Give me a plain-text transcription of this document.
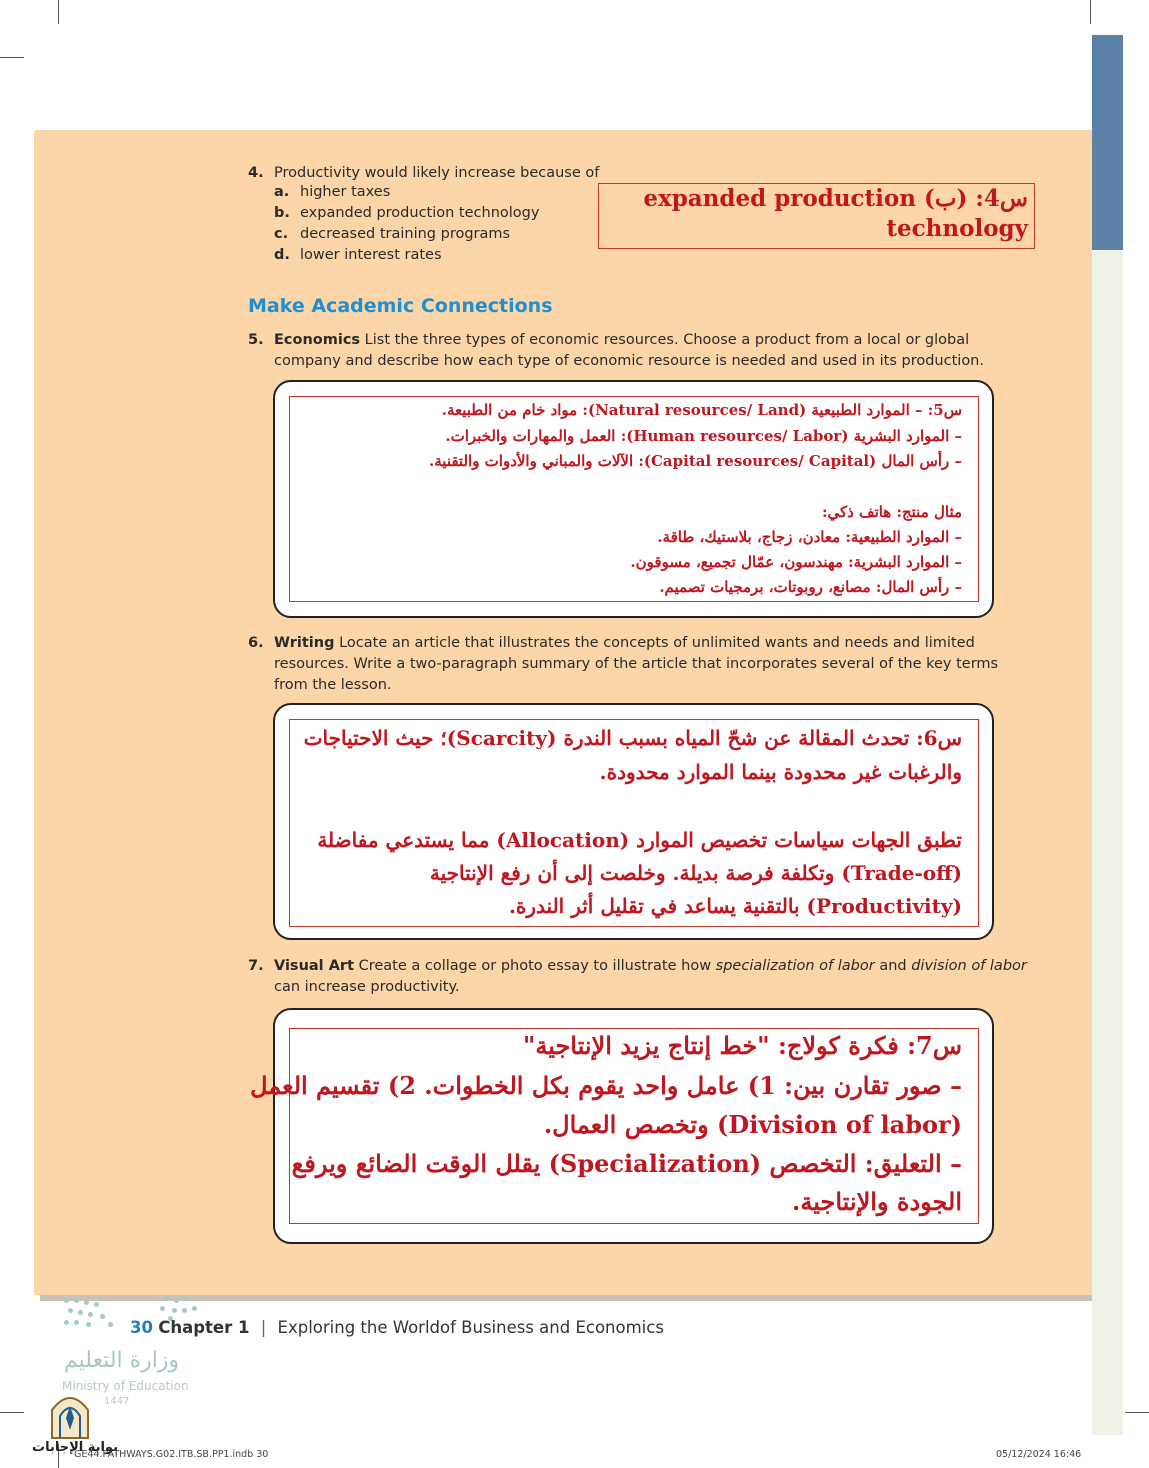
4. Productivity would likely increase because of
a. higher taxes
b. expanded production technology
c. decreased training programs
d. lower interest rates
س4: (ب) expanded production
technology
Make Academic Connections
5. Economics List the three types of economic resources. Choose a product from a local or global
company and describe how each type of economic resource is needed and used in its production.
س5: – الموارد الطبيعية (Natural resources/ Land): مواد خام من الطبيعة.
– الموارد البشرية (Human resources/ Labor): العمل والمهارات والخبرات.
– رأس المال (Capital resources/ Capital): الآلات والمباني والأدوات والتقنية.
مثال منتج: هاتف ذكي:
– الموارد الطبيعية: معادن، زجاج، بلاستيك، طاقة.
– الموارد البشرية: مهندسون، عمّال تجميع، مسوقون.
– رأس المال: مصانع، روبوتات، برمجيات تصميم.
6. Writing Locate an article that illustrates the concepts of unlimited wants and needs and limited
resources. Write a two-paragraph summary of the article that incorporates several of the key terms
from the lesson.
س6: تحدث المقالة عن شحّ المياه بسبب الندرة (Scarcity)؛ حيث الاحتياجات
والرغبات غير محدودة بينما الموارد محدودة.
تطبق الجهات سياسات تخصيص الموارد (Allocation) مما يستدعي مفاضلة
(Trade-off) وتكلفة فرصة بديلة. وخلصت إلى أن رفع الإنتاجية
(Productivity) بالتقنية يساعد في تقليل أثر الندرة.
7. Visual Art Create a collage or photo essay to illustrate how specialization of labor and division of labor
can increase productivity.
س7: فكرة كولاج: "خط إنتاج يزيد الإنتاجية"
– صور تقارن بين: 1) عامل واحد يقوم بكل الخطوات. 2) تقسيم العمل
(Division of labor) وتخصص العمال.
– التعليق: التخصص (Specialization) يقلل الوقت الضائع ويرفع
الجودة والإنتاجية.
30 Chapter 1 | Exploring the Worldof Business and Economics
وزارة التعليم
Ministry of Education
1447
بوابة الإجابات
GE44.PATHWAYS.G02.ITB.SB.PP1.indb 30	05/12/2024 16:46
